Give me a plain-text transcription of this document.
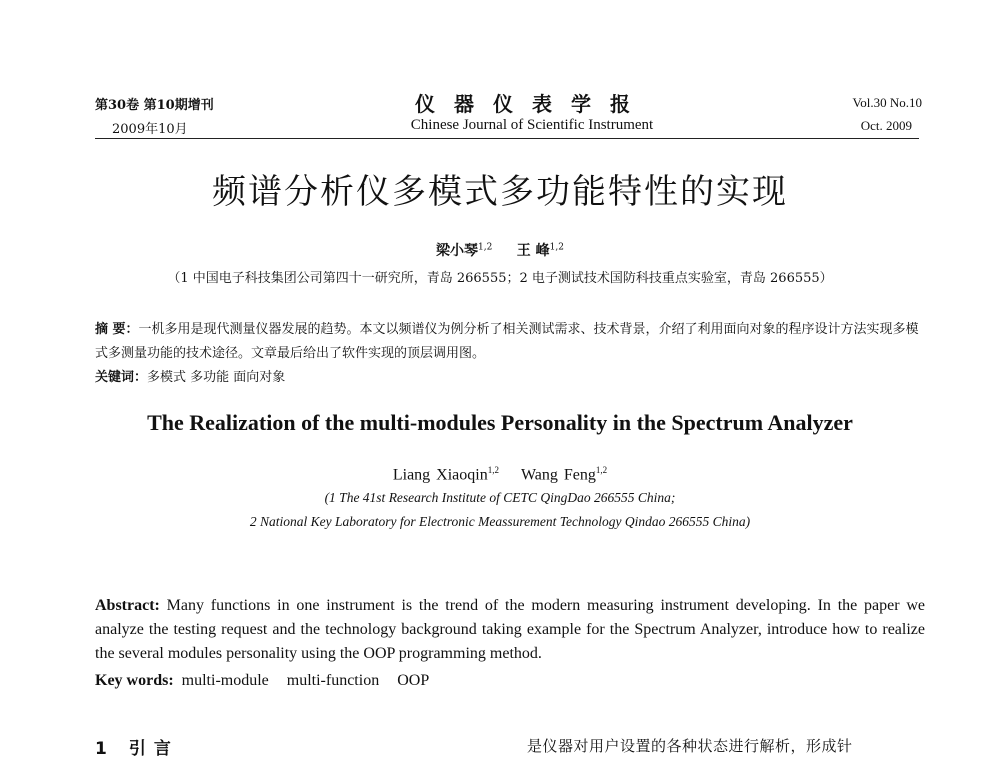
第30卷 第10期增刊
2009年10月
仪器仪表学报
Chinese Journal of Scientific Instrument
Vol.30 No.10
Oct. 2009
频谱分析仪多模式多功能特性的实现
梁小琴$^{1,2}$ 王 峰$^{1,2}$
（1 中国电子科技集团公司第四十一研究所，青岛 266555；2 电子测试技术国防科技重点实验室，青岛 266555）
摘 要：一机多用是现代测量仪器发展的趋势。本文以频谱仪为例分析了相关测试需求、技术背景，介绍了利用面向对象的程序设计方法实现多模式多测量功能的技术途径。文章最后给出了软件实现的顶层调用图。
关键词：多模式 多功能 面向对象
The Realization of the multi-modules Personality in the Spectrum Analyzer
Liang Xiaoqin$^{1,2}$ Wang Feng$^{1,2}$
(1 The 41st Research Institute of CETC QingDao 266555 China;
2 National Key Laboratory for Electronic Meassurement Technology Qindao 266555 China)
Abstract: Many functions in one instrument is the trend of the modern measuring instrument developing. In the paper we analyze the testing request and the technology background taking example for the Spectrum Analyzer, introduce how to realize the several modules personality using the OOP programming method.
Key words: multi-module multi-function OOP
1 引言	是仪器对用户设置的各种状态进行解析，形成针
